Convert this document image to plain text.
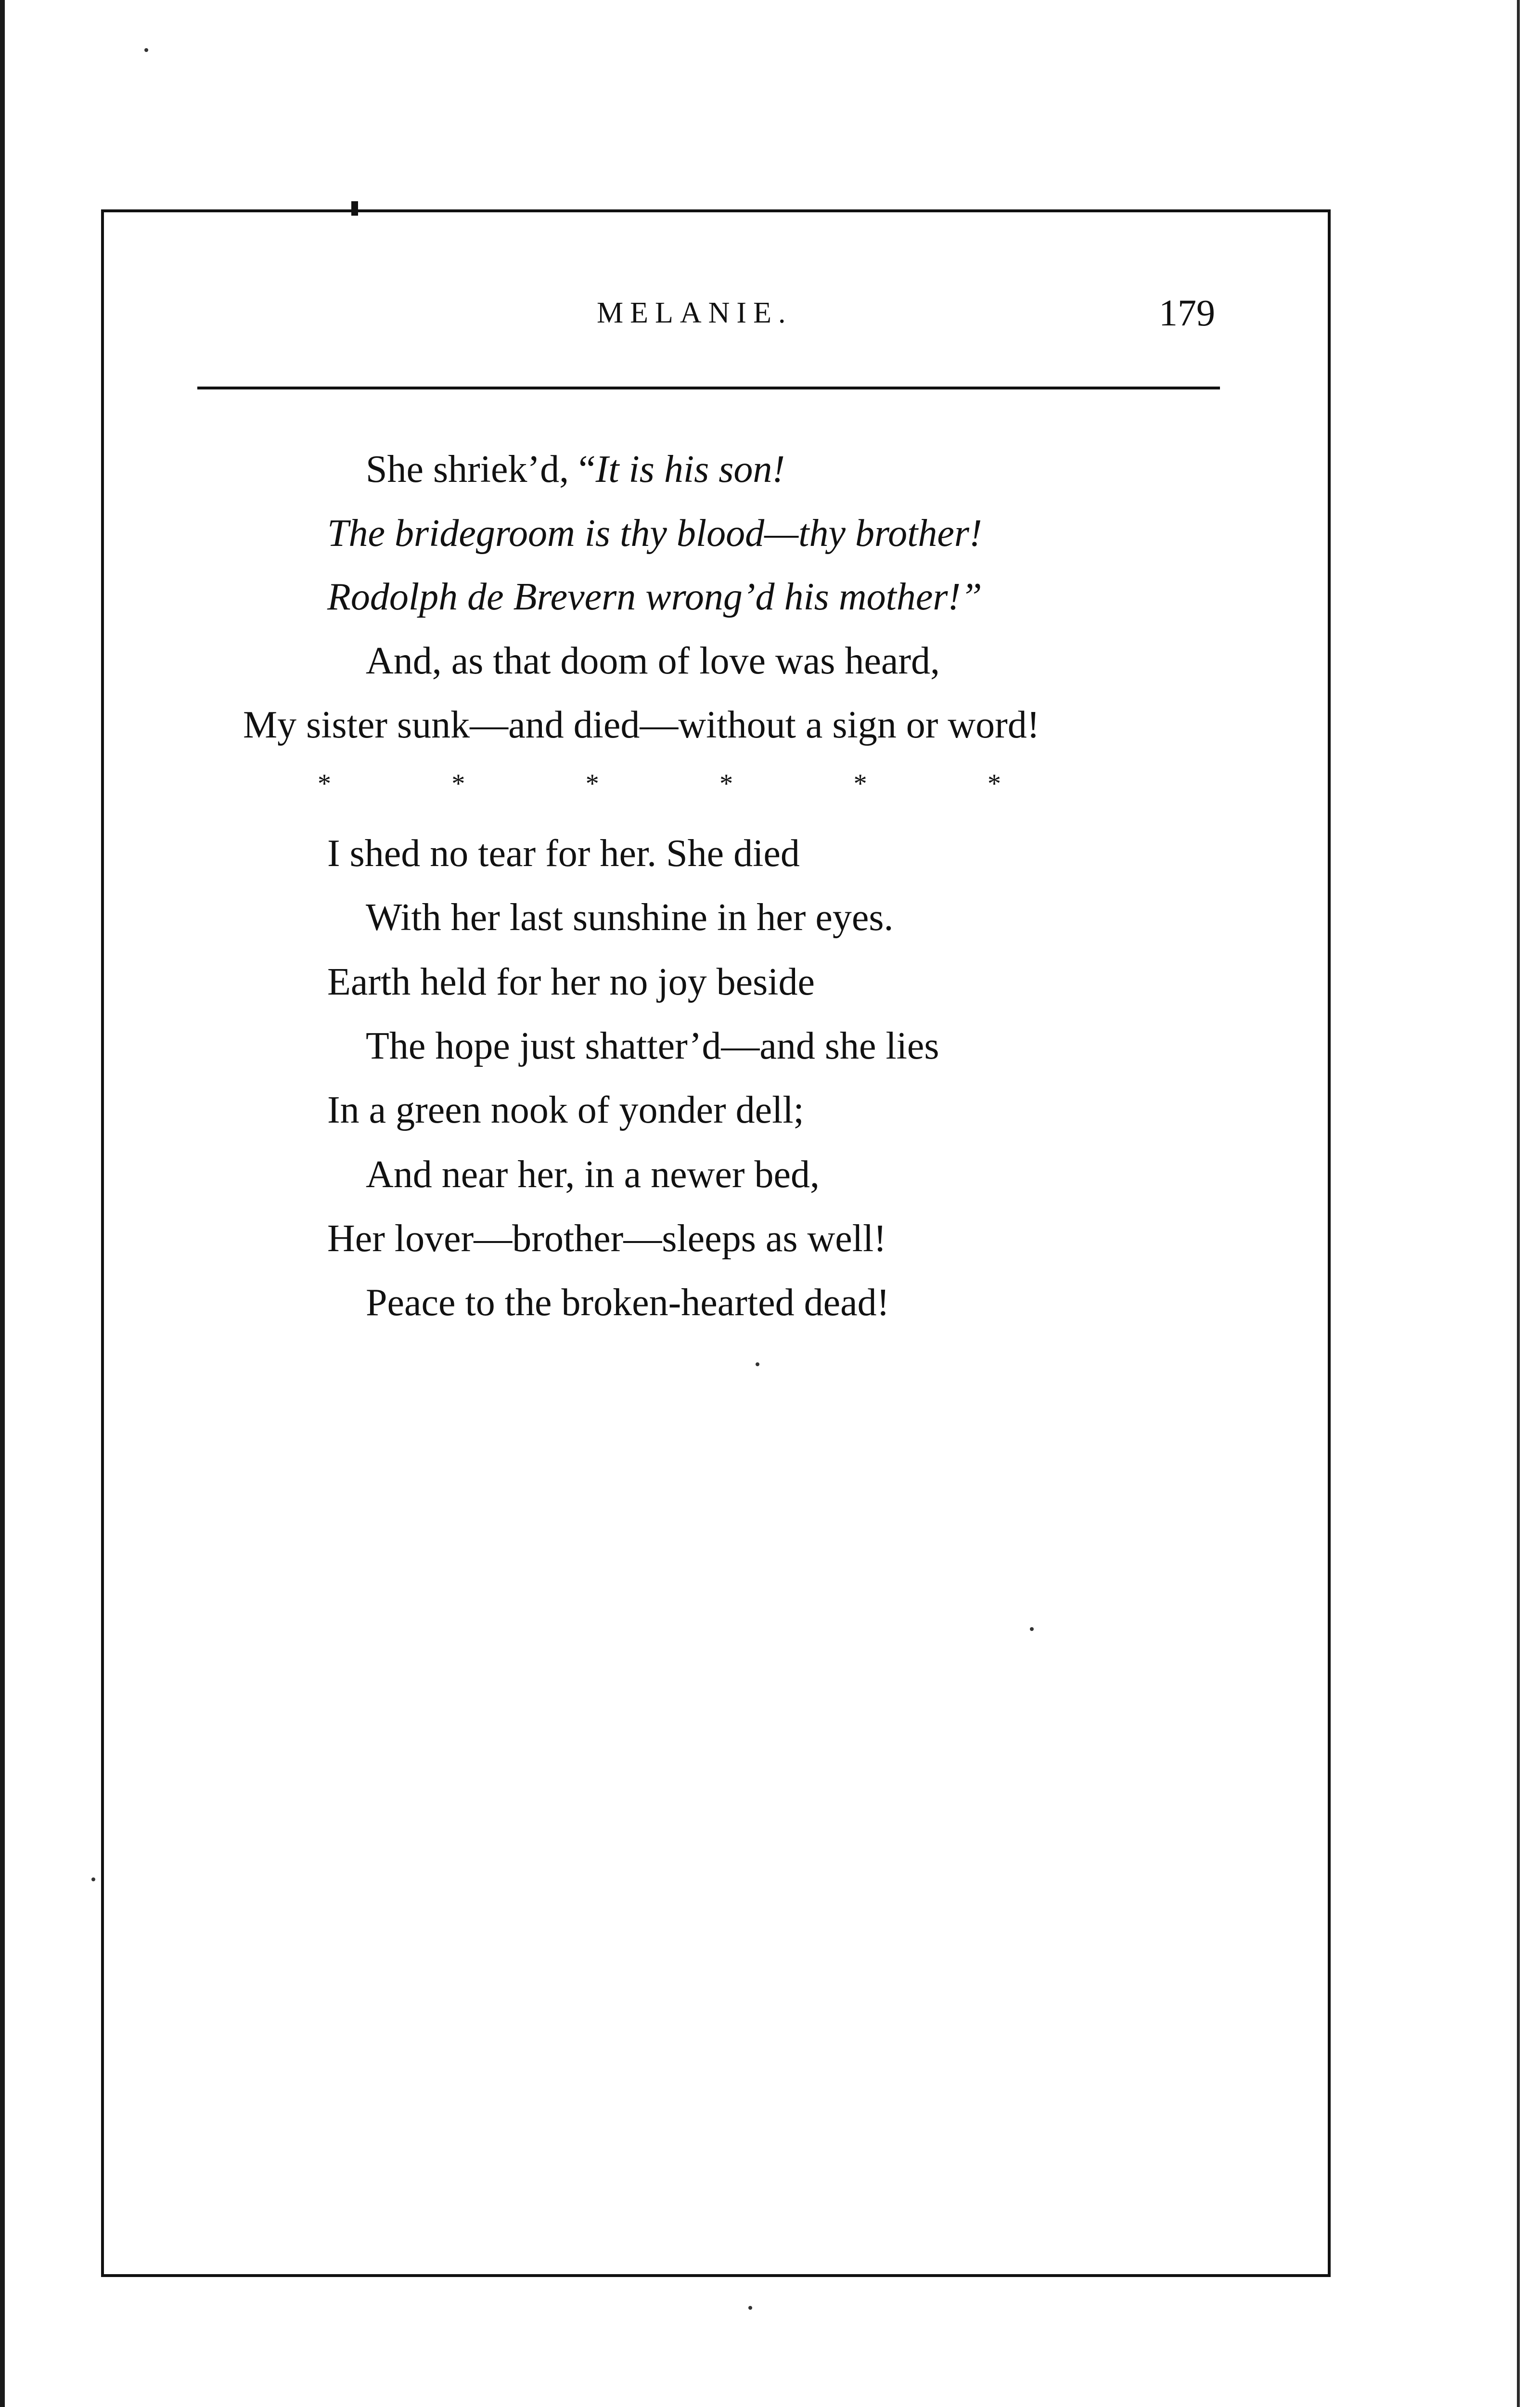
MELANIE.	179
She shriek’d, “It is his son!
The bridegroom is thy blood—thy brother!
Rodolph de Brevern wrong’d his mother!”
And, as that doom of love was heard,
My sister sunk—and died—without a sign or word!
*	*	*	*	*	*
I shed no tear for her. She died
With her last sunshine in her eyes.
Earth held for her no joy beside
The hope just shatter’d—and she lies
In a green nook of yonder dell;
And near her, in a newer bed,
Her lover—brother—sleeps as well!
Peace to the broken-hearted dead!
